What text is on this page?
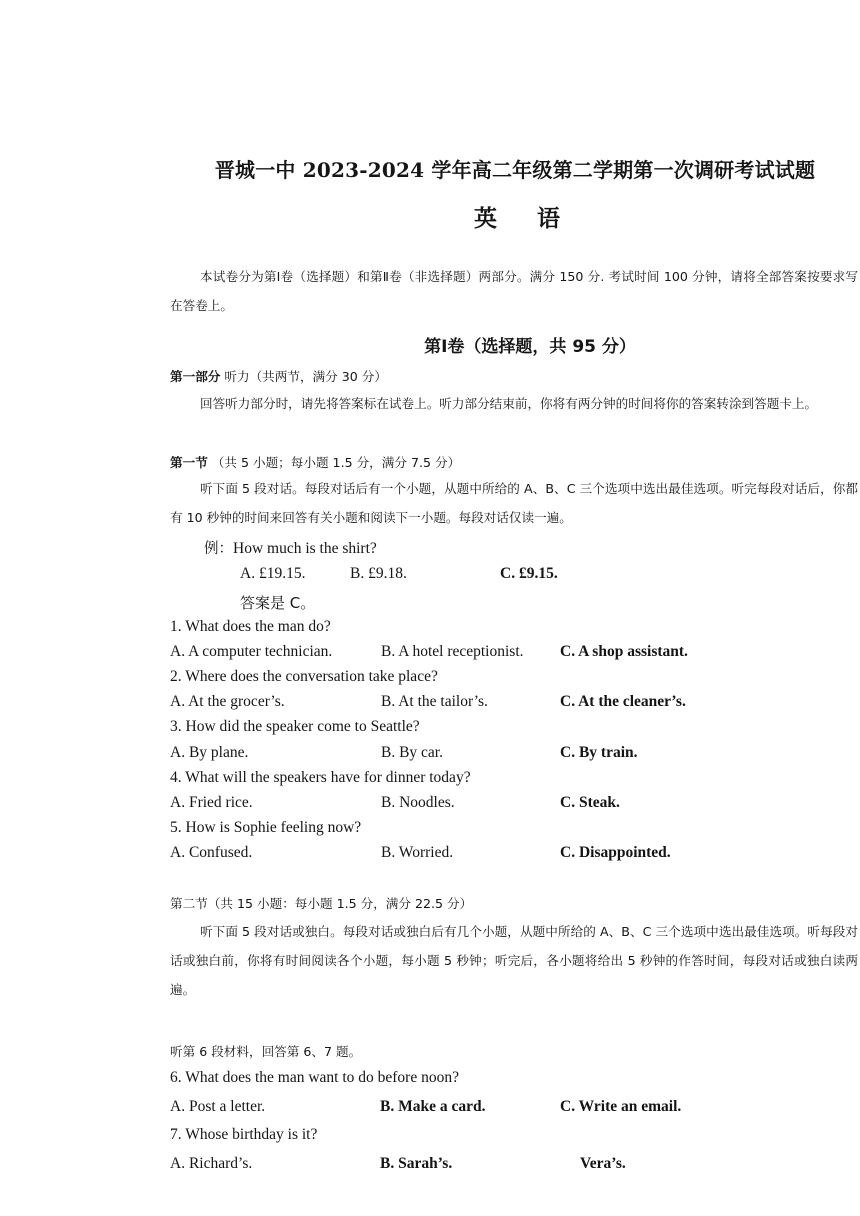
晋城一中 2023-2024 学年高二年级第二学期第一次调研考试试题
英 语
本试卷分为第Ⅰ卷（选择题）和第Ⅱ卷（非选择题）两部分。满分 150 分. 考试时间 100 分钟，请将全部答案按要求写在答卷上。
第Ⅰ卷（选择题，共 95 分）
第一部分 听力（共两节，满分 30 分）
回答听力部分时，请先将答案标在试卷上。听力部分结束前，你将有两分钟的时间将你的答案转涂到答题卡上。
第一节 （共 5 小题；每小题 1.5 分，满分 7.5 分）
听下面 5 段对话。每段对话后有一个小题，从题中所给的 A、B、C 三个选项中选出最佳选项。听完每段对话后，你都有 10 秒钟的时间来回答有关小题和阅读下一小题。每段对话仅读一遍。
例：How much is the shirt?
A. £19.15.	B. £9.18.	C. £9.15.
答案是 C。
1. What does the man do?
A. A computer technician.	B. A hotel receptionist. C. A shop assistant.
2. Where does the conversation take place?
A. At the grocer’s.	B. At the tailor’s.	C. At the cleaner’s.
3. How did the speaker come to Seattle?
A. By plane.	B. By car.	C. By train.
4. What will the speakers have for dinner today?
A. Fried rice.	B. Noodles.	C. Steak.
5. How is Sophie feeling now?
A. Confused.	B. Worried.	C. Disappointed.
第二节（共 15 小题：每小题 1.5 分，满分 22.5 分）
听下面 5 段对话或独白。每段对话或独白后有几个小题，从题中所给的 A、B、C 三个选项中选出最佳选项。听每段对话或独白前，你将有时间阅读各个小题，每小题 5 秒钟；听完后，各小题将给出 5 秒钟的作答时间，每段对话或独白读两遍。
听第 6 段材料，回答第 6、7 题。
6. What does the man want to do before noon?
A. Post a letter.	B. Make a card.	C. Write an email.
7. Whose birthday is it?
A. Richard’s.	B. Sarah’s.	Vera’s.
